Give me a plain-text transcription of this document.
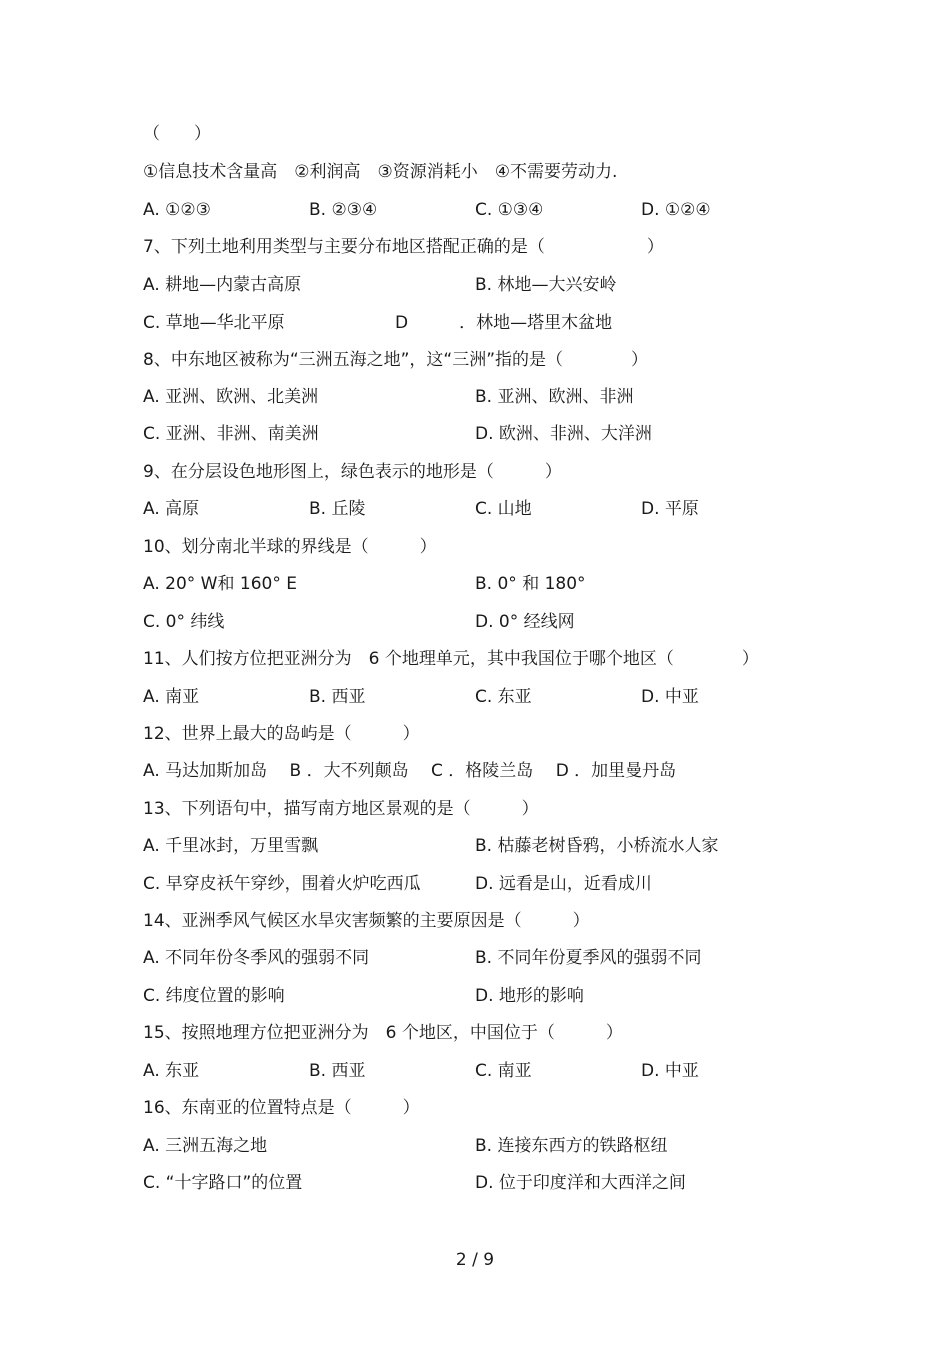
（　　）
①信息技术含量高　②利润高　③资源消耗小　④不需要劳动力.
A. ①②③	B. ②③④	C. ①③④	D. ①②④
7、下列土地利用类型与主要分布地区搭配正确的是（　　　　　　）
A. 耕地—内蒙古高原	B. 林地—大兴安岭
C. 草地—华北平原	D　　　．林地—塔里木盆地
8、中东地区被称为“三洲五海之地”，这“三洲”指的是（　　　　）
A. 亚洲、欧洲、北美洲	B. 亚洲、欧洲、非洲
C. 亚洲、非洲、南美洲	D. 欧洲、非洲、大洋洲
9、在分层设色地形图上，绿色表示的地形是（　　　）
A. 高原	B. 丘陵	C. 山地	D. 平原
10、划分南北半球的界线是（　　　）
A. 20° W和 160° E	B. 0° 和 180°
C. 0° 纬线	D. 0° 经线网
11、人们按方位把亚洲分为　6 个地理单元，其中我国位于哪个地区（　　　　）
A. 南亚	B. 西亚	C. 东亚	D. 中亚
12、世界上最大的岛屿是（　　　）
A. 马达加斯加岛　 B ．大不列颠岛　 C ．格陵兰岛　 D ．加里曼丹岛
13、下列语句中，描写南方地区景观的是（　　　）
A. 千里冰封，万里雪飘	B. 枯藤老树昏鸦，小桥流水人家
C. 早穿皮袄午穿纱，围着火炉吃西瓜	D. 远看是山，近看成川
14、亚洲季风气候区水旱灾害频繁的主要原因是（　　　）
A. 不同年份冬季风的强弱不同	B. 不同年份夏季风的强弱不同
C. 纬度位置的影响	D. 地形的影响
15、按照地理方位把亚洲分为　6 个地区，中国位于（　　　）
A. 东亚	B. 西亚	C. 南亚	D. 中亚
16、东南亚的位置特点是（　　　）
A. 三洲五海之地	B. 连接东西方的铁路枢纽
C. “十字路口”的位置	D. 位于印度洋和大西洋之间
2 / 9
